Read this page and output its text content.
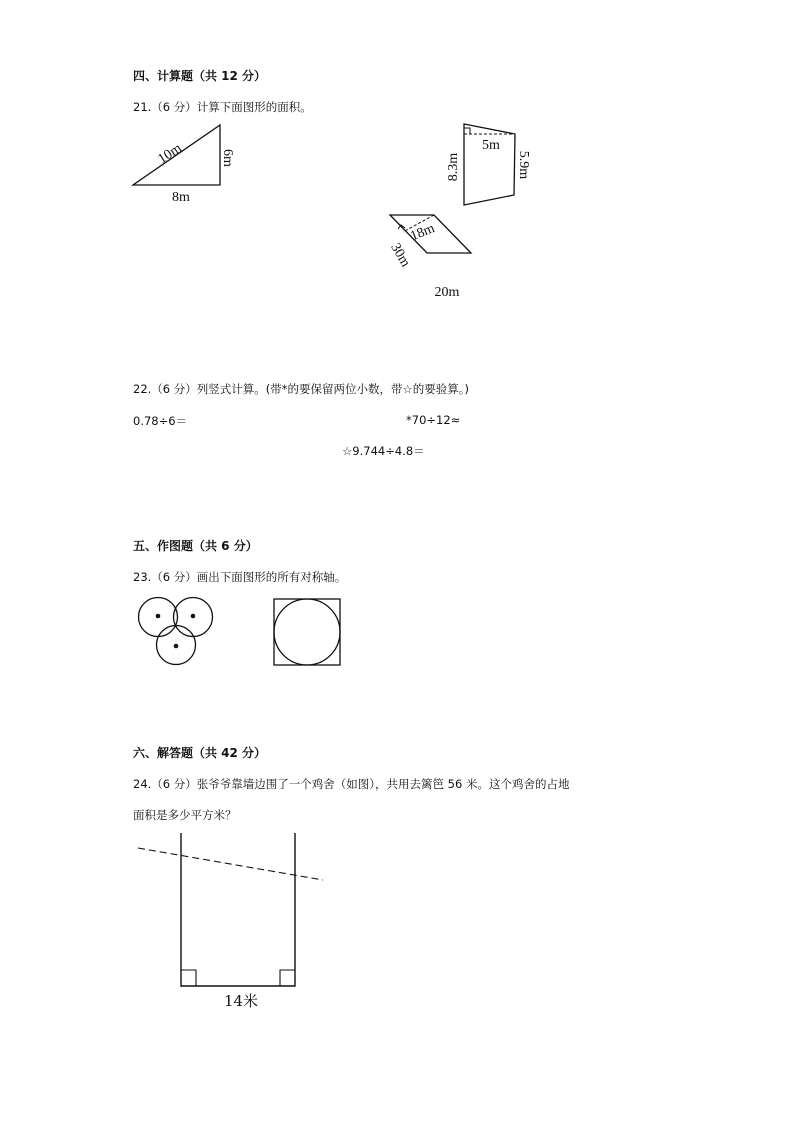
四、计算题（共 12 分）
21.（6 分）计算下面图形的面积。
10m	6m
8m
5m
8.3m	5.9m
18m
30m
20m
22.（6 分）列竖式计算。(带*的要保留两位小数，带☆的要验算。)
0.78÷6＝	*70÷12≈
☆9.744÷4.8＝
五、作图题（共 6 分）
23.（6 分）画出下面图形的所有对称轴。
六、解答题（共 42 分）
24.（6 分）张爷爷靠墙边围了一个鸡舍（如图），共用去篱笆 56 米。这个鸡舍的占地
面积是多少平方米？
14米
